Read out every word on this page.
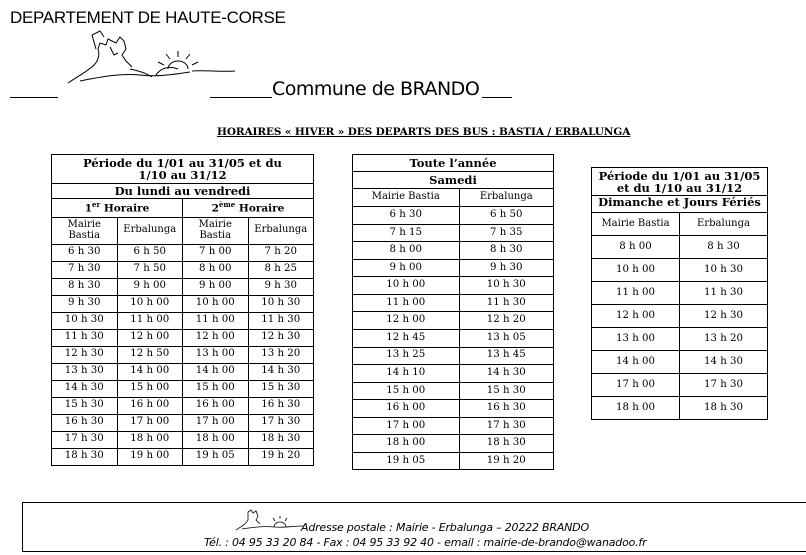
DEPARTEMENT DE HAUTE-CORSE
Commune de BRANDO
HORAIRES « HIVER » DES DEPARTS DES BUS : BASTIA / ERBALUNGA
Période du 1/01 au 31/05 et du 1/10 au 31/12			
Du lundi au vendredi			
1er Horaire		2ème Horaire	
Mairie Bastia	Erbalunga	Mairie Bastia	Erbalunga
6 h 30	6 h 50	7 h 00	7 h 20
7 h 30	7 h 50	8 h 00	8 h 25
8 h 30	9 h 00	9 h 00	9 h 30
9 h 30	10 h 00	10 h 00	10 h 30
10 h 30	11 h 00	11 h 00	11 h 30
11 h 30	12 h 00	12 h 00	12 h 30
12 h 30	12 h 50	13 h 00	13 h 20
13 h 30	14 h 00	14 h 00	14 h 30
14 h 30	15 h 00	15 h 00	15 h 30
15 h 30	16 h 00	16 h 00	16 h 30
16 h 30	17 h 00	17 h 00	17 h 30
17 h 30	18 h 00	18 h 00	18 h 30
18 h 30	19 h 00	19 h 05	19 h 20
Toute l’année	
Samedi	
Mairie Bastia	Erbalunga
6 h 30	6 h 50
7 h 15	7 h 35
8 h 00	8 h 30
9 h 00	9 h 30
10 h 00	10 h 30
11 h 00	11 h 30
12 h 00	12 h 20
12 h 45	13 h 05
13 h 25	13 h 45
14 h 10	14 h 30
15 h 00	15 h 30
16 h 00	16 h 30
17 h 00	17 h 30
18 h 00	18 h 30
19 h 05	19 h 20
Période du 1/01 au 31/05 et du 1/10 au 31/12	
Dimanche et Jours Fériés	
Mairie Bastia	Erbalunga
8 h 00	8 h 30
10 h 00	10 h 30
11 h 00	11 h 30
12 h 00	12 h 30
13 h 00	13 h 20
14 h 00	14 h 30
17 h 00	17 h 30
18 h 00	18 h 30
Adresse postale : Mairie - Erbalunga – 20222 BRANDO
Tél. : 04 95 33 20 84 - Fax : 04 95 33 92 40 - email : mairie-de-brando@wanadoo.fr
